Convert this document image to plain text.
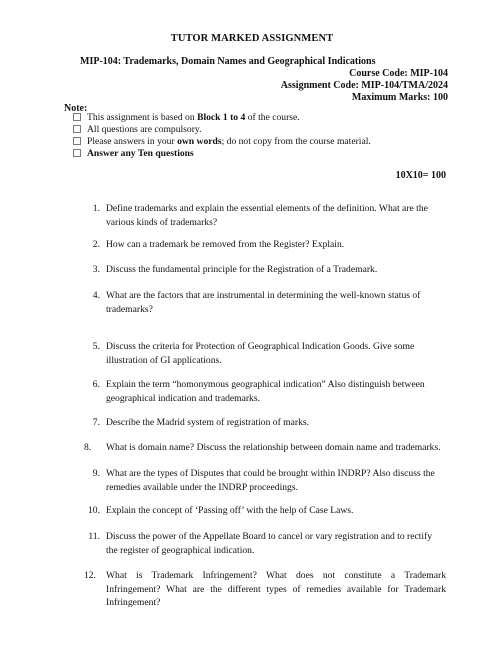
TUTOR MARKED ASSIGNMENT
MIP-104: Trademarks, Domain Names and Geographical Indications
Course Code: MIP-104
Assignment Code: MIP-104/TMA/2024
Maximum Marks: 100
Note:
This assignment is based on Block 1 to 4 of the course.
All questions are compulsory.
Please answers in your own words; do not copy from the course material.
Answer any Ten questions
10X10= 100
1. Define trademarks and explain the essential elements of the definition. What are the various kinds of trademarks?
2. How can a trademark be removed from the Register? Explain.
3. Discuss the fundamental principle for the Registration of a Trademark.
4. What are the factors that are instrumental in determining the well-known status of trademarks?
5. Discuss the criteria for Protection of Geographical Indication Goods. Give some illustration of GI applications.
6. Explain the term “homonymous geographical indication” Also distinguish between geographical indication and trademarks.
7. Describe the Madrid system of registration of marks.
8.	What is domain name? Discuss the relationship between domain name and trademarks.
9. What are the types of Disputes that could be brought within INDRP? Also discuss the remedies available under the INDRP proceedings.
10. Explain the concept of ‘Passing off’ with the help of Case Laws.
11. Discuss the power of the Appellate Board to cancel or vary registration and to rectify the register of geographical indication.
12.	What is Trademark Infringement? What does not constitute a Trademark Infringement? What are the different types of remedies available for Trademark Infringement?
